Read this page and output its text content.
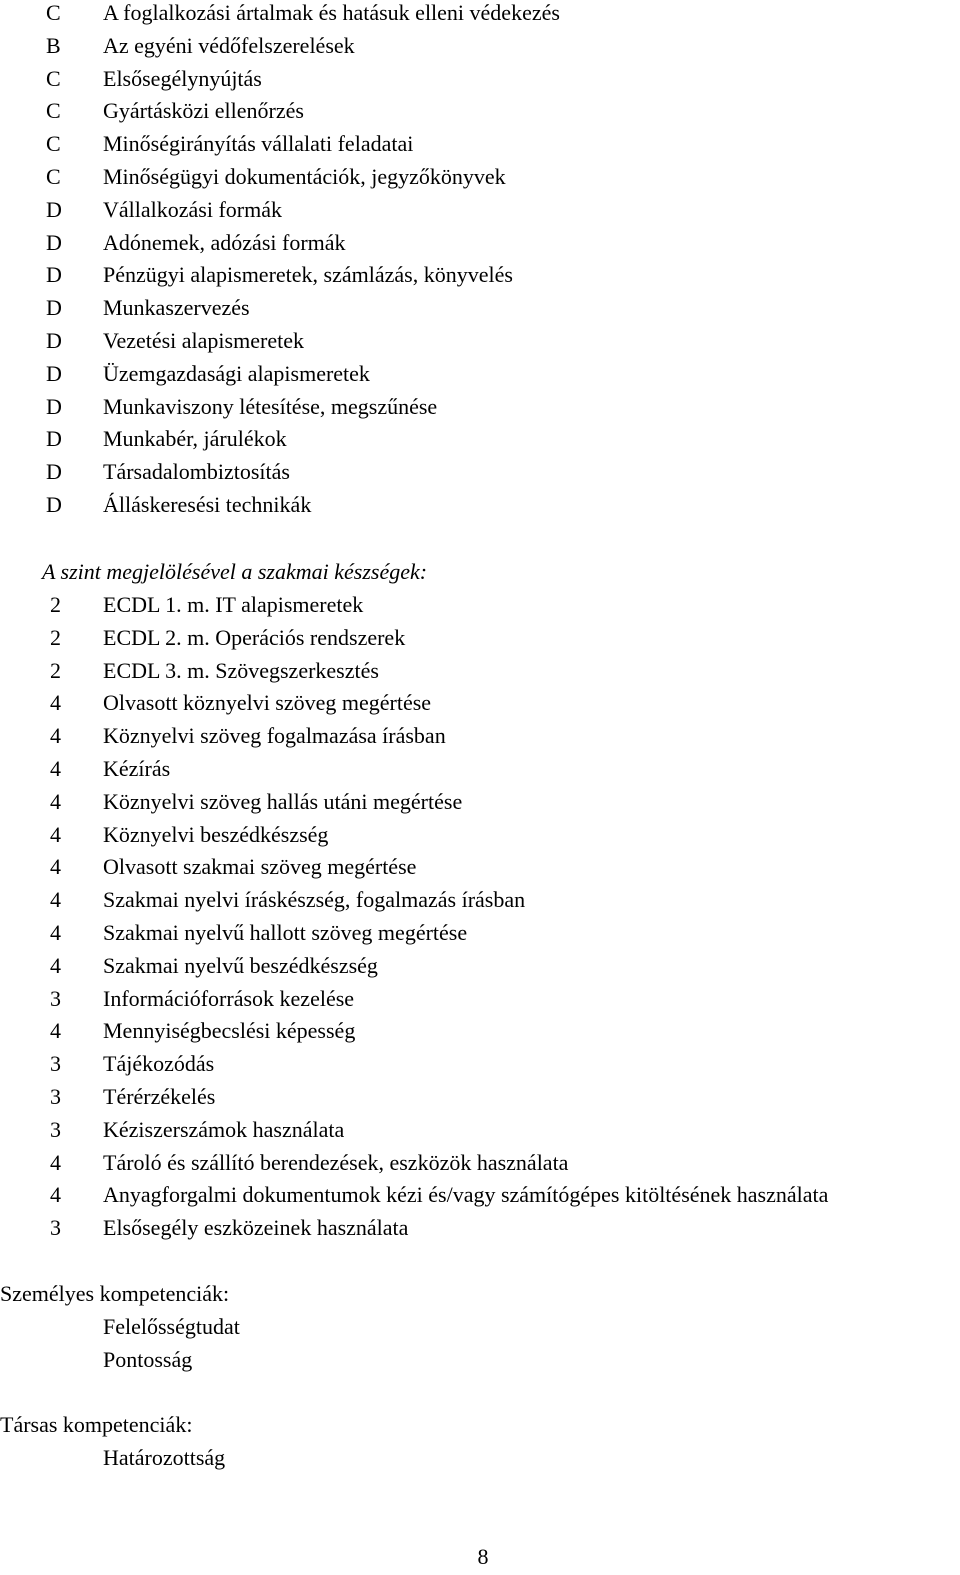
C	A foglalkozási ártalmak és hatásuk elleni védekezés
B	Az egyéni védőfelszerelések
C	Elsősegélynyújtás
C	Gyártásközi ellenőrzés
C	Minőségirányítás vállalati feladatai
C	Minőségügyi dokumentációk, jegyzőkönyvek
D Vállalkozási formák
D Adónemek, adózási formák
D Pénzügyi alapismeretek, számlázás, könyvelés
D Munkaszervezés
D Vezetési alapismeretek
D Üzemgazdasági alapismeretek
D Munkaviszony létesítése, megszűnése
D Munkabér, járulékok
D Társadalombiztosítás
D Álláskeresési technikák
A szint megjelölésével a szakmai készségek:
2	ECDL 1. m. IT alapismeretek
2	ECDL 2. m. Operációs rendszerek
2	ECDL 3. m. Szövegszerkesztés
4	Olvasott köznyelvi szöveg megértése
4	Köznyelvi szöveg fogalmazása írásban
4	Kézírás
4	Köznyelvi szöveg hallás utáni megértése
4	Köznyelvi beszédkészség
4	Olvasott szakmai szöveg megértése
4	Szakmai nyelvi íráskészség, fogalmazás írásban
4	Szakmai nyelvű hallott szöveg megértése
4	Szakmai nyelvű beszédkészség
3	Információforrások kezelése
4	Mennyiségbecslési képesség
3	Tájékozódás
3	Térérzékelés
3	Kéziszerszámok használata
4	Tároló és szállító berendezések, eszközök használata
4	Anyagforgalmi dokumentumok kézi és/vagy számítógépes kitöltésének használata
3	Elsősegély eszközeinek használata
Személyes kompetenciák:
Felelősségtudat
Pontosság
Társas kompetenciák:
Határozottság
8
